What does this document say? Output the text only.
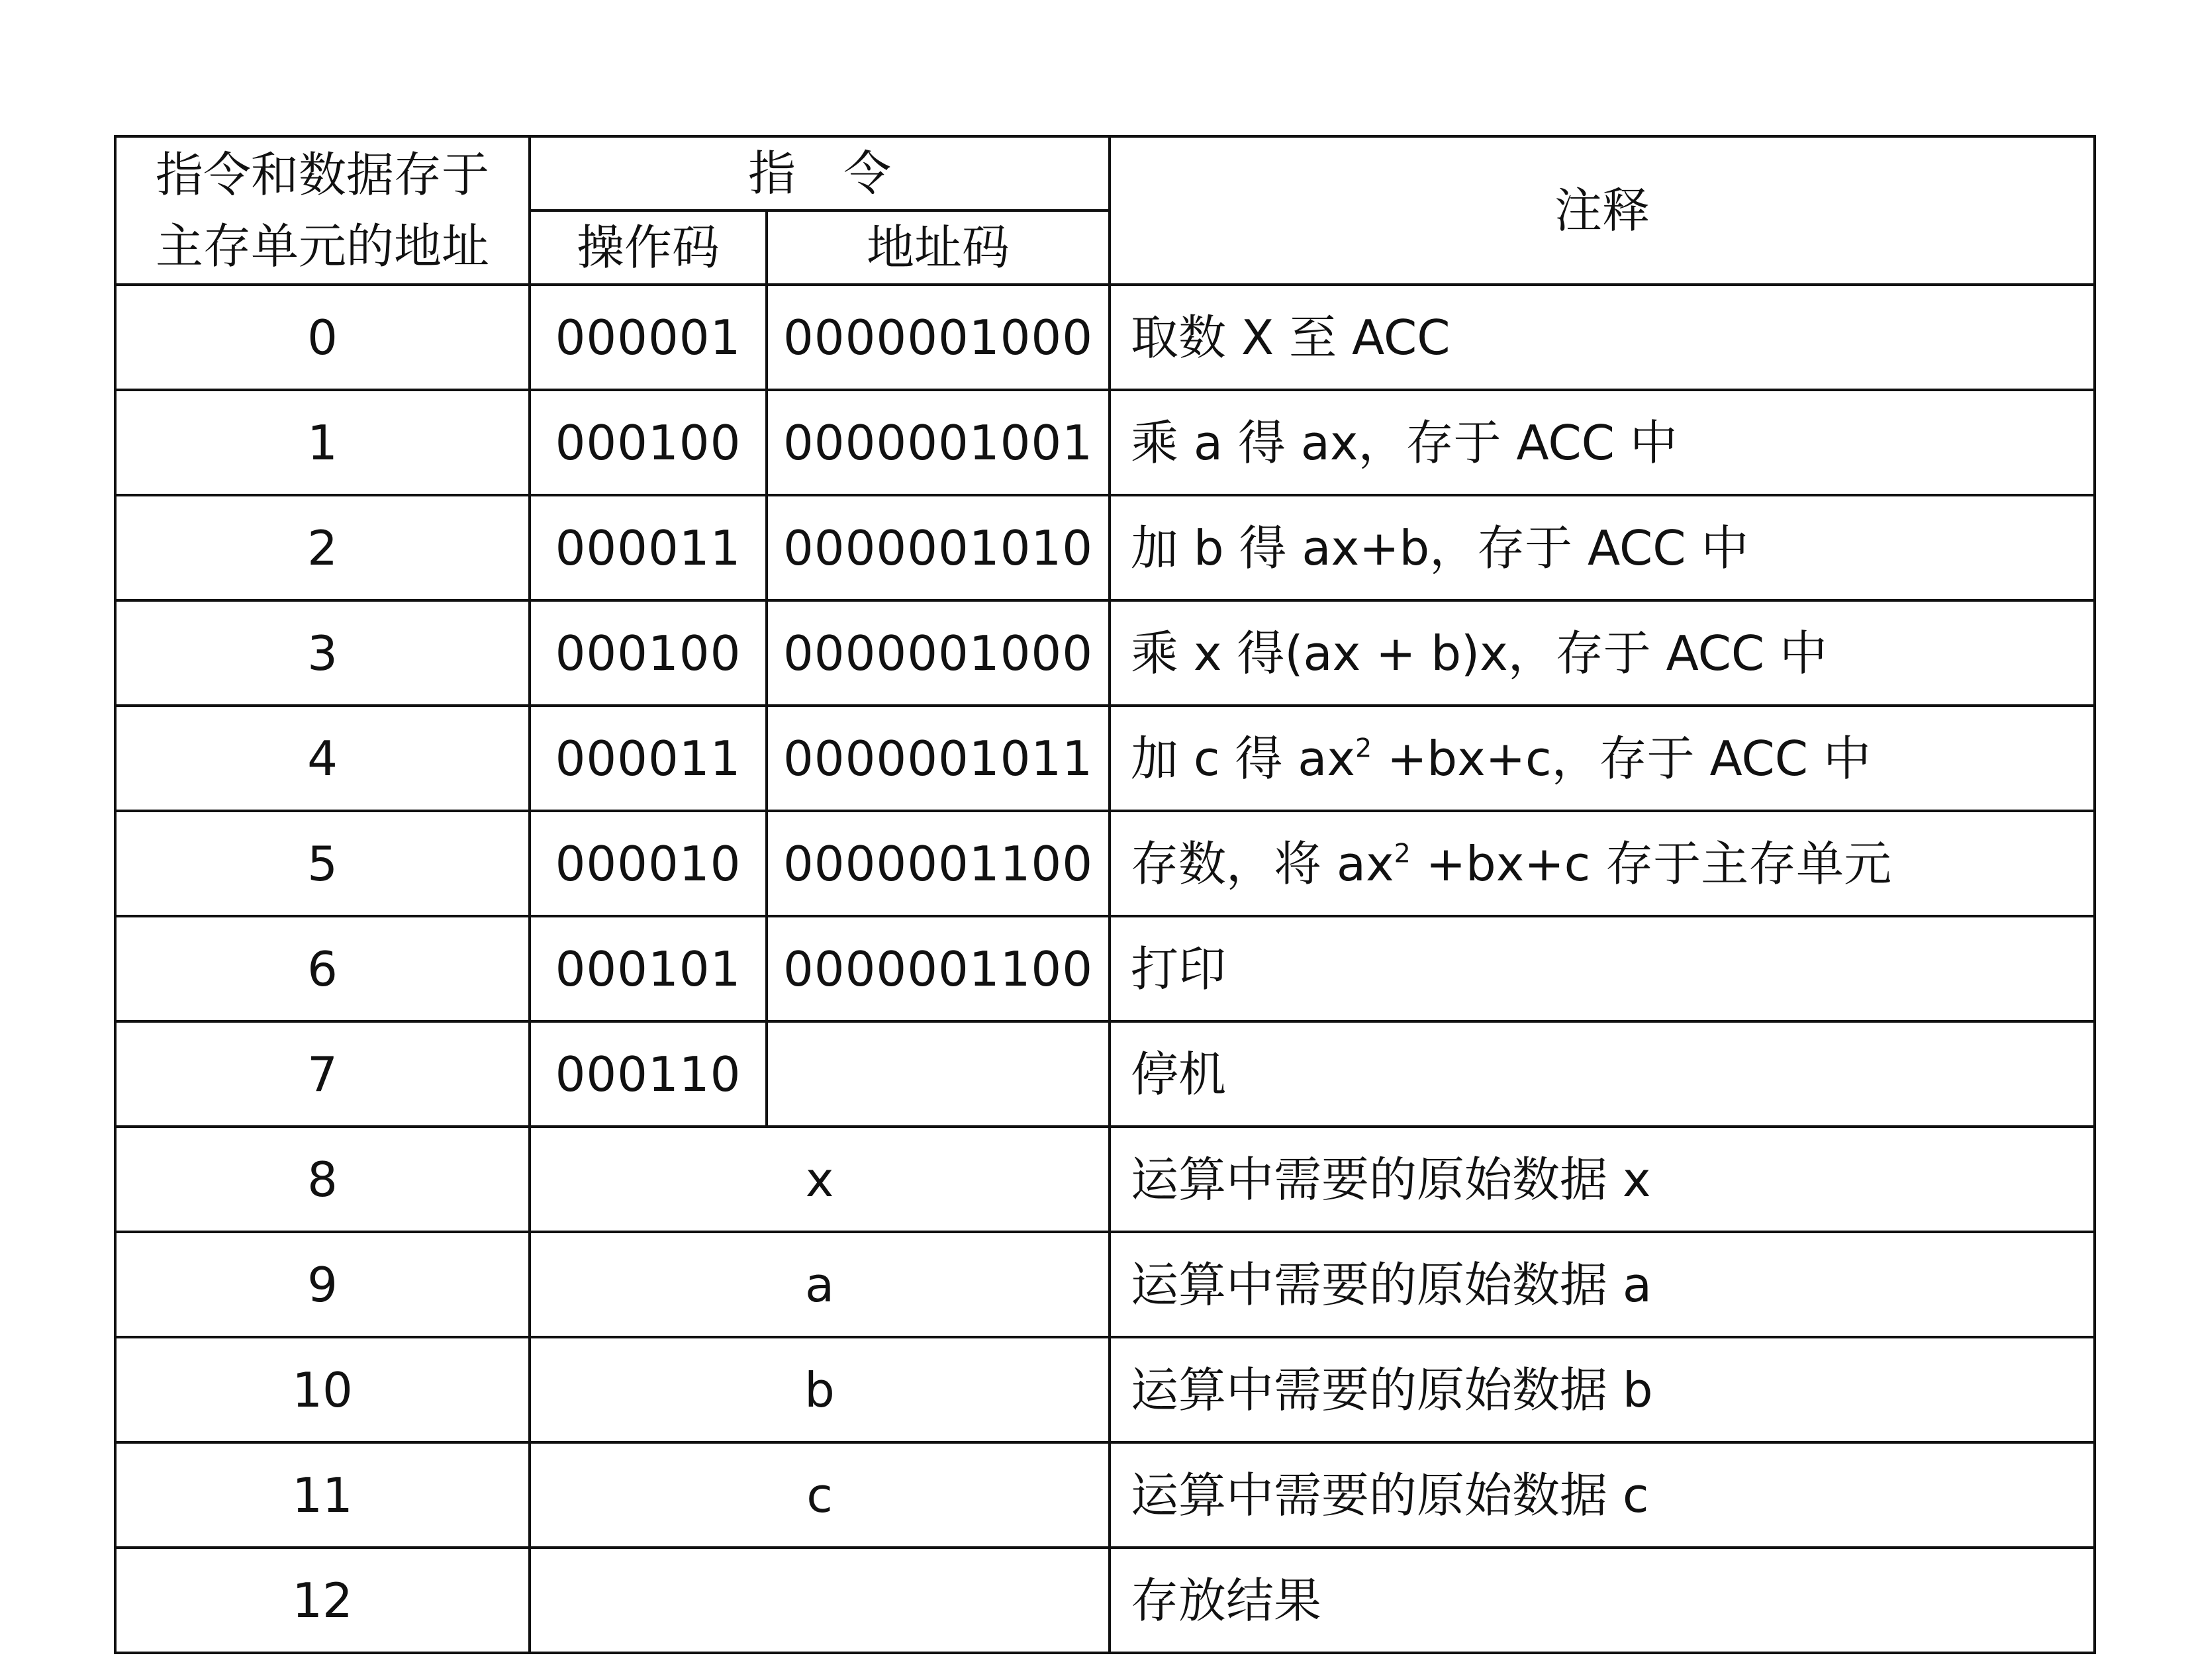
指令和数据存于
主存单元的地址	指　令		注释
	操作码	地址码	
0	000001	0000001000	取数 X 至 ACC
1	000100	0000001001	乘 a 得 ax，存于 ACC 中
2	000011	0000001010	加 b 得 ax+b，存于 ACC 中
3	000100	0000001000	乘 x 得(ax + b)x，存于 ACC 中
4	000011	0000001011	加 c 得 $ax^2 +bx+c$，存于 ACC 中
5	000010	0000001100	存数，将 $ax^2 +bx+c$ 存于主存单元
6	000101	0000001100	打印
7	000110		停机
8	x		运算中需要的原始数据 x
9	a		运算中需要的原始数据 a
10	b		运算中需要的原始数据 b
11	c		运算中需要的原始数据 c
12			存放结果
